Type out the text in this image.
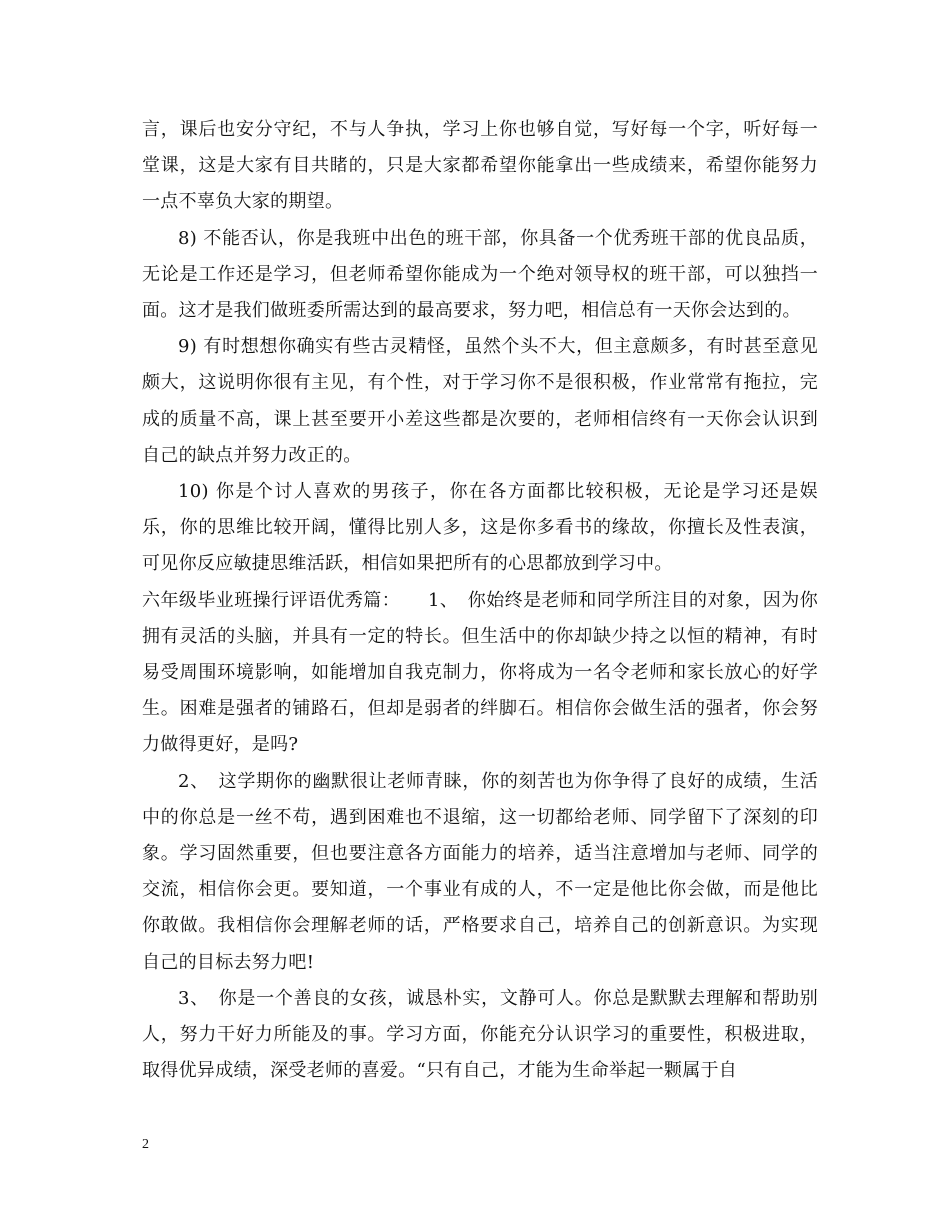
言，课后也安分守纪，不与人争执，学习上你也够自觉，写好每一个字，听好每一堂课，这是大家有目共睹的，只是大家都希望你能拿出一些成绩来，希望你能努力一点不辜负大家的期望。

8) 不能否认，你是我班中出色的班干部，你具备一个优秀班干部的优良品质，无论是工作还是学习，但老师希望你能成为一个绝对领导权的班干部，可以独挡一面。这才是我们做班委所需达到的最高要求，努力吧，相信总有一天你会达到的。

9) 有时想想你确实有些古灵精怪，虽然个头不大，但主意颇多，有时甚至意见颇大，这说明你很有主见，有个性，对于学习你不是很积极，作业常常有拖拉，完成的质量不高，课上甚至要开小差这些都是次要的，老师相信终有一天你会认识到自己的缺点并努力改正的。

10) 你是个讨人喜欢的男孩子，你在各方面都比较积极，无论是学习还是娱乐，你的思维比较开阔，懂得比别人多，这是你多看书的缘故，你擅长及性表演，可见你反应敏捷思维活跃，相信如果把所有的心思都放到学习中。

六年级毕业班操行评语优秀篇：　　1、　你始终是老师和同学所注目的对象，因为你拥有灵活的头脑，并具有一定的特长。但生活中的你却缺少持之以恒的精神，有时易受周围环境影响，如能增加自我克制力，你将成为一名令老师和家长放心的好学生。困难是强者的铺路石，但却是弱者的绊脚石。相信你会做生活的强者，你会努力做得更好，是吗?

2、　这学期你的幽默很让老师青睐，你的刻苦也为你争得了良好的成绩，生活中的你总是一丝不苟，遇到困难也不退缩，这一切都给老师、同学留下了深刻的印象。学习固然重要，但也要注意各方面能力的培养，适当注意增加与老师、同学的交流，相信你会更。要知道，一个事业有成的人，不一定是他比你会做，而是他比你敢做。我相信你会理解老师的话，严格要求自己，培养自己的创新意识。为实现自己的目标去努力吧!

3、　你是一个善良的女孩，诚恳朴实，文静可人。你总是默默去理解和帮助别人，努力干好力所能及的事。学习方面，你能充分认识学习的重要性，积极进取，取得优异成绩，深受老师的喜爱。“只有自己，才能为生命举起一颗属于自

2
